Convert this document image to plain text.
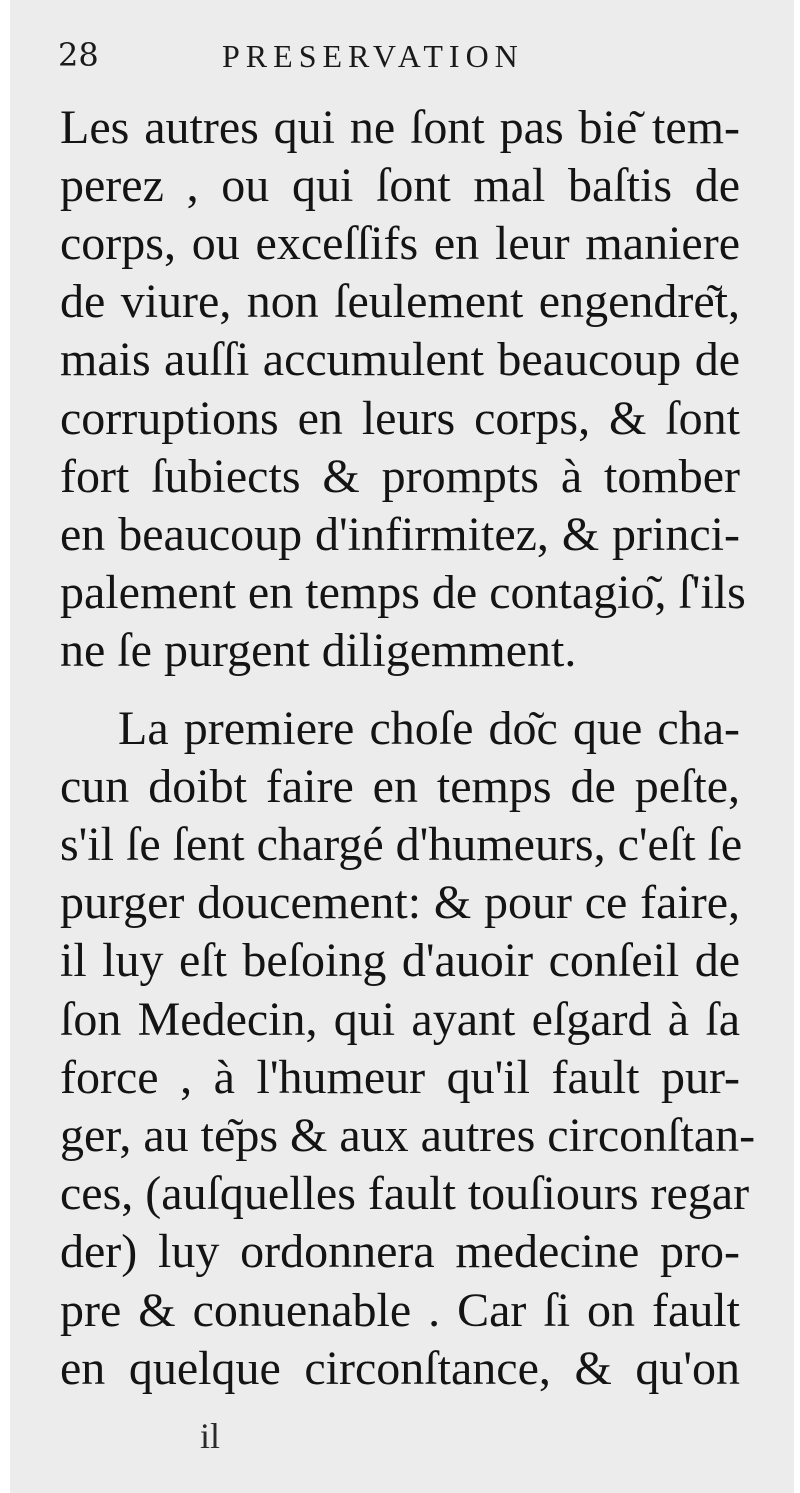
28	PRESERVATION
Les autres qui ne ſont pas bie͂ tem-
perez , ou qui ſont mal baſtis de
corps, ou exceſſifs en leur maniere
de viure, non ſeulement engendre͂t,
mais auſſi accumulent beaucoup de
corruptions en leurs corps, & ſont
fort ſubiects & prompts à tomber
en beaucoup d'infirmitez, & princi-
palement en temps de contagio͂, ſ'ils
ne ſe purgent diligemment.
La premiere choſe do͂c que cha-
cun doibt faire en temps de peſte,
s'il ſe ſent chargé d'humeurs, c'eſt ſe
purger doucement: & pour ce faire,
il luy eſt beſoing d'auoir conſeil de
ſon Medecin, qui ayant eſgard à ſa
force , à l'humeur qu'il fault pur-
ger, au te͂ps & aux autres circonſtan-
ces, (auſquelles fault touſiours regar
der) luy ordonnera medecine pro-
pre & conuenable . Car ſi on fault
en quelque circonſtance, & qu'on
il
